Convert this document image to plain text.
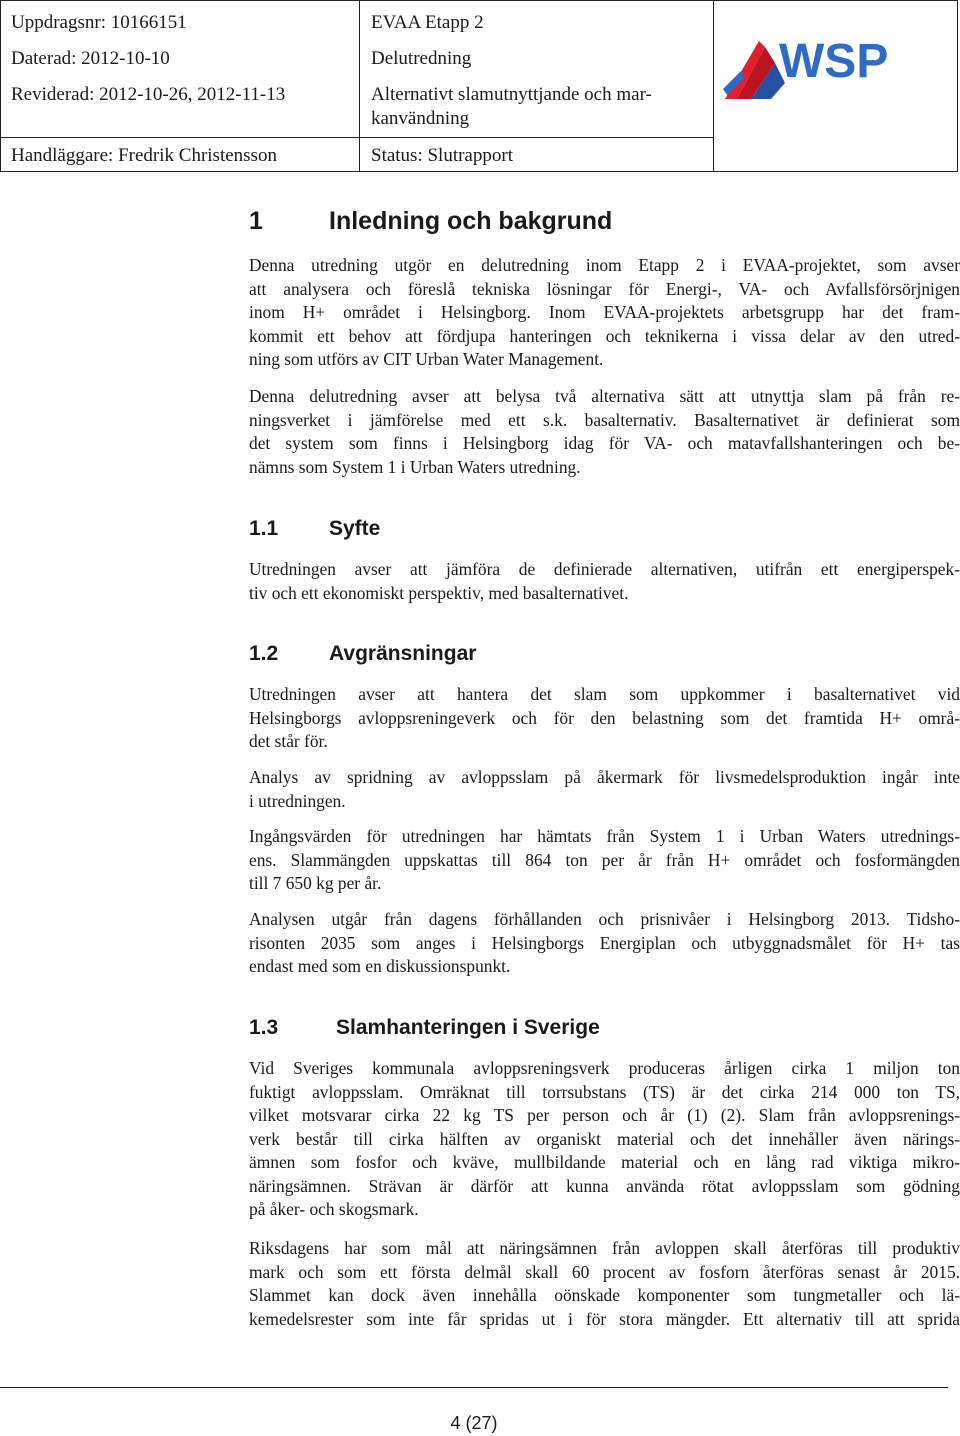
Uppdragsnr: 10166151
Daterad: 2012-10-10
Reviderad: 2012-10-26, 2012-11-13
Handläggare: Fredrik Christensson
EVAA Etapp 2
Delutredning
Alternativt slamutnyttjande och mar-
kanvändning
Status: Slutrapport
WSP
1	Inledning och bakgrund
Denna utredning utgör en delutredning inom Etapp 2 i EVAA-projektet, som avser
att analysera och föreslå tekniska lösningar för Energi-, VA- och Avfallsförsörjnigen
inom H+ området i Helsingborg. Inom EVAA-projektets arbetsgrupp har det fram-
kommit ett behov att fördjupa hanteringen och teknikerna i vissa delar av den utred-
ning som utförs av CIT Urban Water Management.
Denna delutredning avser att belysa två alternativa sätt att utnyttja slam på från re-
ningsverket i jämförelse med ett s.k. basalternativ. Basalternativet är definierat som
det system som finns i Helsingborg idag för VA- och matavfallshanteringen och be-
nämns som System 1 i Urban Waters utredning.
1.1 Syfte
Utredningen avser att jämföra de definierade alternativen, utifrån ett energiperspek-
tiv och ett ekonomiskt perspektiv, med basalternativet.
1.2 Avgränsningar
Utredningen avser att hantera det slam som uppkommer i basalternativet vid
Helsingborgs avloppsreningeverk och för den belastning som det framtida H+ områ-
det står för.
Analys av spridning av avloppsslam på åkermark för livsmedelsproduktion ingår inte
i utredningen.
Ingångsvärden för utredningen har hämtats från System 1 i Urban Waters utrednings-
ens. Slammängden uppskattas till 864 ton per år från H+ området och fosformängden
till 7 650 kg per år.
Analysen utgår från dagens förhållanden och prisnivåer i Helsingborg 2013. Tidsho-
risonten 2035 som anges i Helsingborgs Energiplan och utbyggnadsmålet för H+ tas
endast med som en diskussionspunkt.
1.3	Slamhanteringen i Sverige
Vid Sveriges kommunala avloppsreningsverk produceras årligen cirka 1 miljon ton
fuktigt avloppsslam. Omräknat till torrsubstans (TS) är det cirka 214 000 ton TS,
vilket motsvarar cirka 22 kg TS per person och år (1) (2). Slam från avloppsrenings-
verk består till cirka hälften av organiskt material och det innehåller även närings-
ämnen som fosfor och kväve, mullbildande material och en lång rad viktiga mikro-
näringsämnen. Strävan är därför att kunna använda rötat avloppsslam som gödning
på åker- och skogsmark.
Riksdagens har som mål att näringsämnen från avloppen skall återföras till produktiv
mark och som ett första delmål skall 60 procent av fosforn återföras senast år 2015.
Slammet kan dock även innehålla oönskade komponenter som tungmetaller och lä-
kemedelsrester som inte får spridas ut i för stora mängder. Ett alternativ till att sprida
4 (27)
